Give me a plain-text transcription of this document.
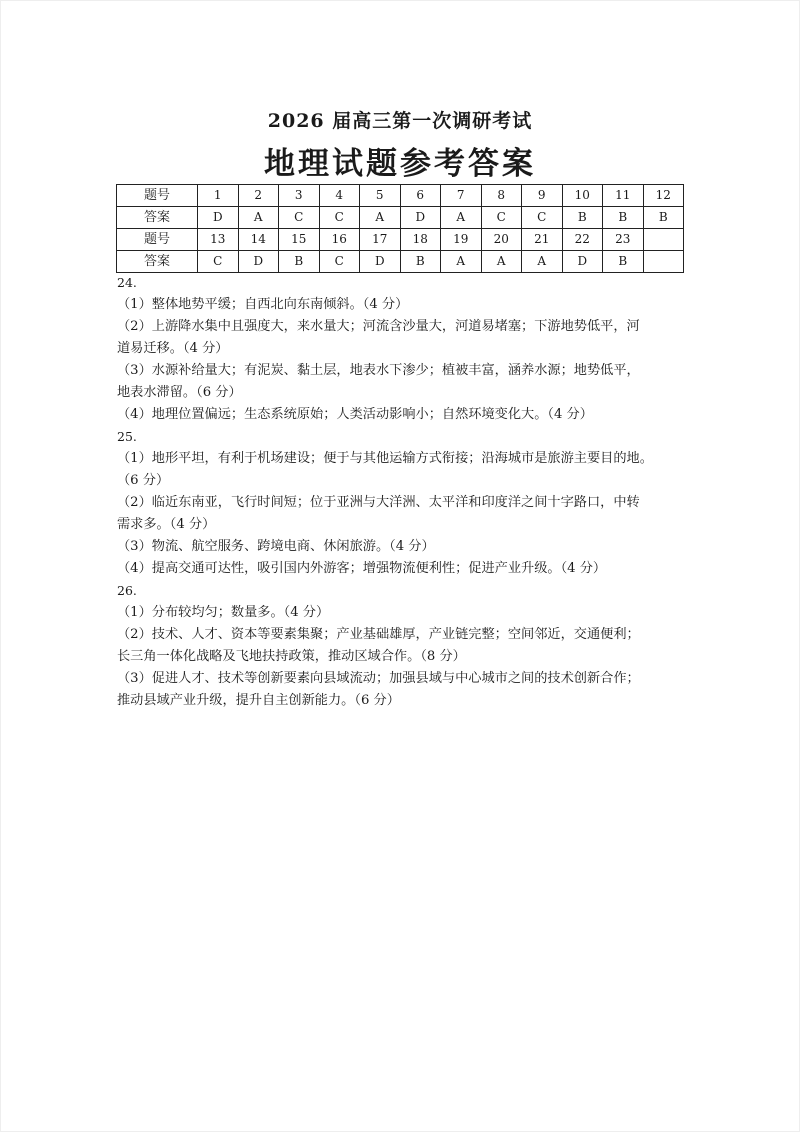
2026 届高三第一次调研考试
地理试题参考答案
题号	1	2	3	4	5	6	7	8	9	10	11	12
答案	D	A	C	C	A	D	A	C	C	B	B	B
题号	13	14	15	16	17	18	19	20	21	22	23	
答案	C	D	B	C	D	B	A	A	A	D	B	
24.
（1）整体地势平缓；自西北向东南倾斜。（4 分）
（2）上游降水集中且强度大，来水量大；河流含沙量大，河道易堵塞；下游地势低平，河
道易迁移。（4 分）
（3）水源补给量大；有泥炭、黏土层，地表水下渗少；植被丰富，涵养水源；地势低平，
地表水滞留。（6 分）
（4）地理位置偏远；生态系统原始；人类活动影响小；自然环境变化大。（4 分）
25.
（1）地形平坦，有利于机场建设；便于与其他运输方式衔接；沿海城市是旅游主要目的地。
（6 分）
（2）临近东南亚，飞行时间短；位于亚洲与大洋洲、太平洋和印度洋之间十字路口，中转
需求多。（4 分）
（3）物流、航空服务、跨境电商、休闲旅游。（4 分）
（4）提高交通可达性，吸引国内外游客；增强物流便利性；促进产业升级。（4 分）
26.
（1）分布较均匀；数量多。（4 分）
（2）技术、人才、资本等要素集聚；产业基础雄厚，产业链完整；空间邻近，交通便利；
长三角一体化战略及飞地扶持政策，推动区域合作。（8 分）
（3）促进人才、技术等创新要素向县域流动；加强县域与中心城市之间的技术创新合作；
推动县域产业升级，提升自主创新能力。（6 分）
